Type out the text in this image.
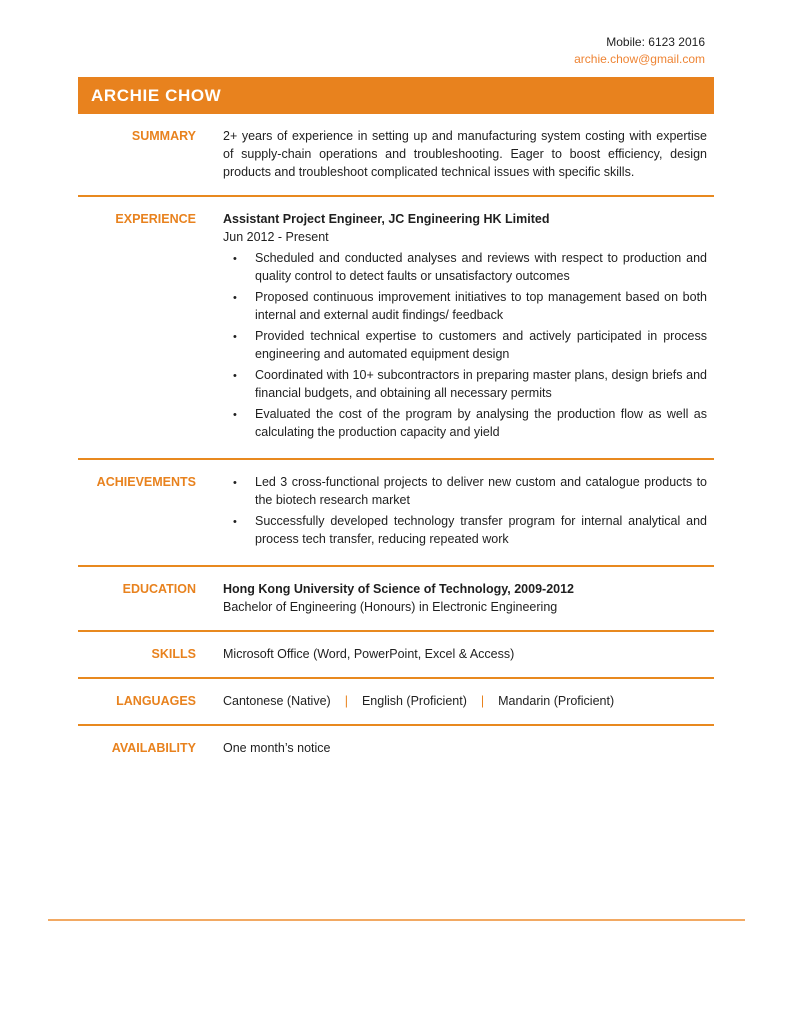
Mobile: 6123 2016
archie.chow@gmail.com
ARCHIE CHOW
SUMMARY 2+ years of experience in setting up and manufacturing system costing with expertise of supply-chain operations and troubleshooting. Eager to boost efficiency, design products and troubleshoot complicated technical issues with specific skills.
EXPERIENCE Assistant Project Engineer, JC Engineering HK Limited
Jun 2012 - Present
• Scheduled and conducted analyses and reviews with respect to production and quality control to detect faults or unsatisfactory outcomes
• Proposed continuous improvement initiatives to top management based on both internal and external audit findings/ feedback
• Provided technical expertise to customers and actively participated in process engineering and automated equipment design
• Coordinated with 10+ subcontractors in preparing master plans, design briefs and financial budgets, and obtaining all necessary permits
• Evaluated the cost of the program by analysing the production flow as well as calculating the production capacity and yield
ACHIEVEMENTS	• Led 3 cross-functional projects to deliver new custom and catalogue products to the biotech research market
• Successfully developed technology transfer program for internal analytical and process tech transfer, reducing repeated work
EDUCATION Hong Kong University of Science of Technology, 2009-2012
Bachelor of Engineering (Honours) in Electronic Engineering
SKILLS Microsoft Office (Word, PowerPoint, Excel & Access)
LANGUAGES Cantonese (Native) | English (Proficient) | Mandarin (Proficient)
AVAILABILITY One month’s notice
